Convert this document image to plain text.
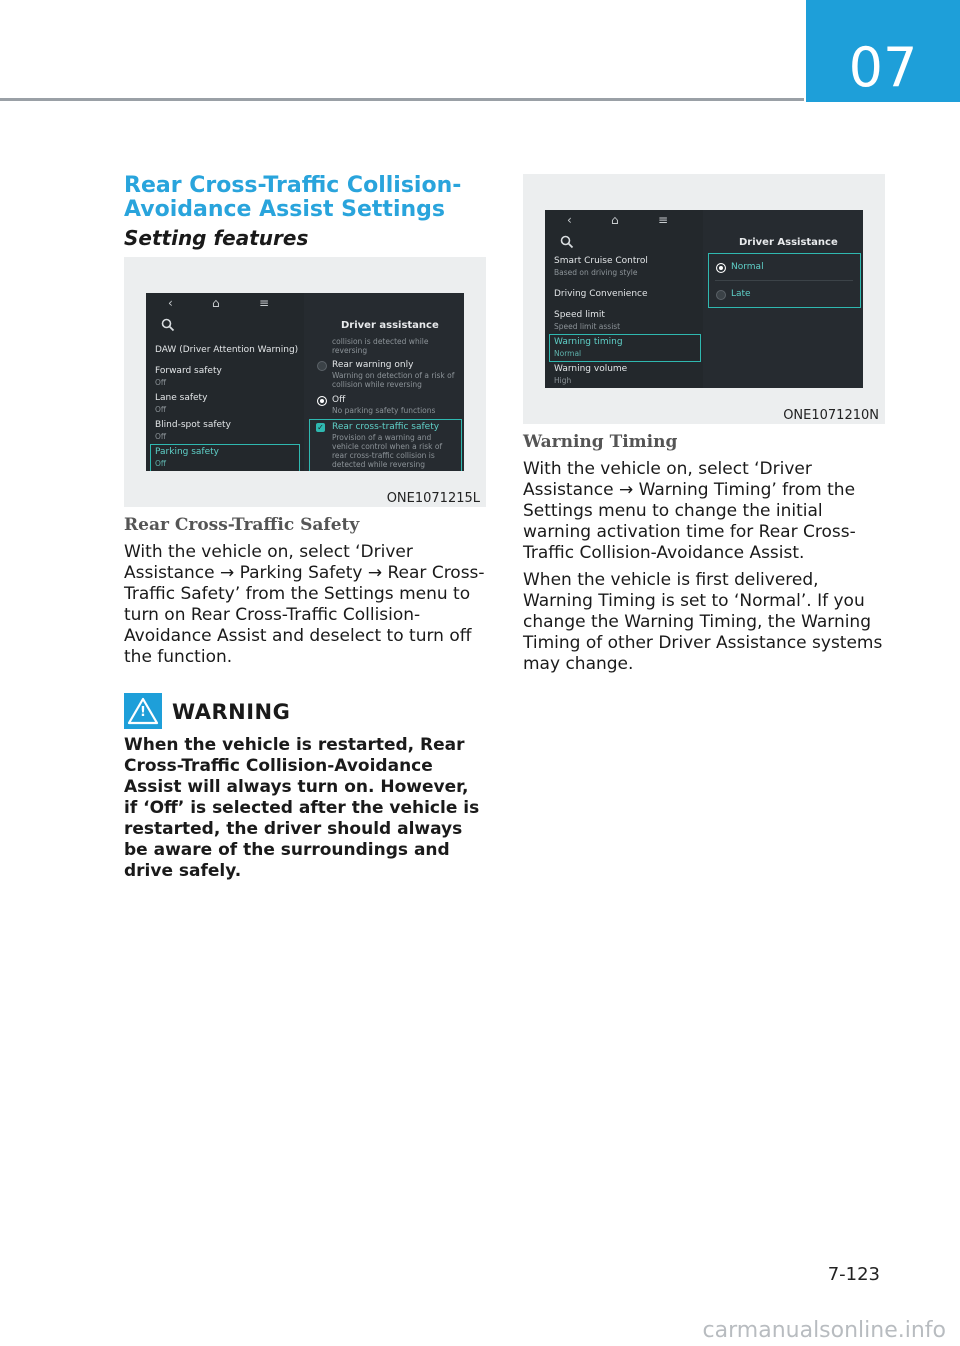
07
Rear Cross-Traffic Collision-Avoidance Assist Settings
Setting features
‹	⌂	≡
Driver assistance
DAW (Driver Attention Warning)
Forward safety
Off
Lane safety
Off
Blind-spot safety
Off
Parking safety
Off
collision is detected while reversing
Rear warning only
Warning on detection of a risk of collision while reversing
Off
No parking safety functions
✓ Rear cross-traffic safety
Provision of a warning and vehicle control when a risk of rear cross-traffic collision is detected while reversing
ONE1071215L
Rear Cross-Traffic Safety

With the vehicle on, select ‘Driver Assistance → Parking Safety → Rear Cross-Traffic Safety’ from the Settings menu to turn on Rear Cross-Traffic Collision-Avoidance Assist and deselect to turn off the function.

!	WARNING

When the vehicle is restarted, Rear Cross-Traffic Collision-Avoidance Assist will always turn on. However, if ‘Off’ is selected after the vehicle is restarted, the driver should always be aware of the surroundings and drive safely.

‹	⌂	≡
Driver Assistance
Smart Cruise Control
Based on driving style
Driving Convenience
Speed limit
Speed limit assist
Warning timing
Normal
Warning volume
High
Normal
Late
ONE1071210N
Warning Timing

With the vehicle on, select ‘Driver Assistance → Warning Timing’ from the Settings menu to change the initial warning activation time for Rear Cross-Traffic Collision-Avoidance Assist.

When the vehicle is first delivered, Warning Timing is set to ‘Normal’. If you change the Warning Timing, the Warning Timing of other Driver Assistance systems may change.

7-123
carmanualsonline.info
